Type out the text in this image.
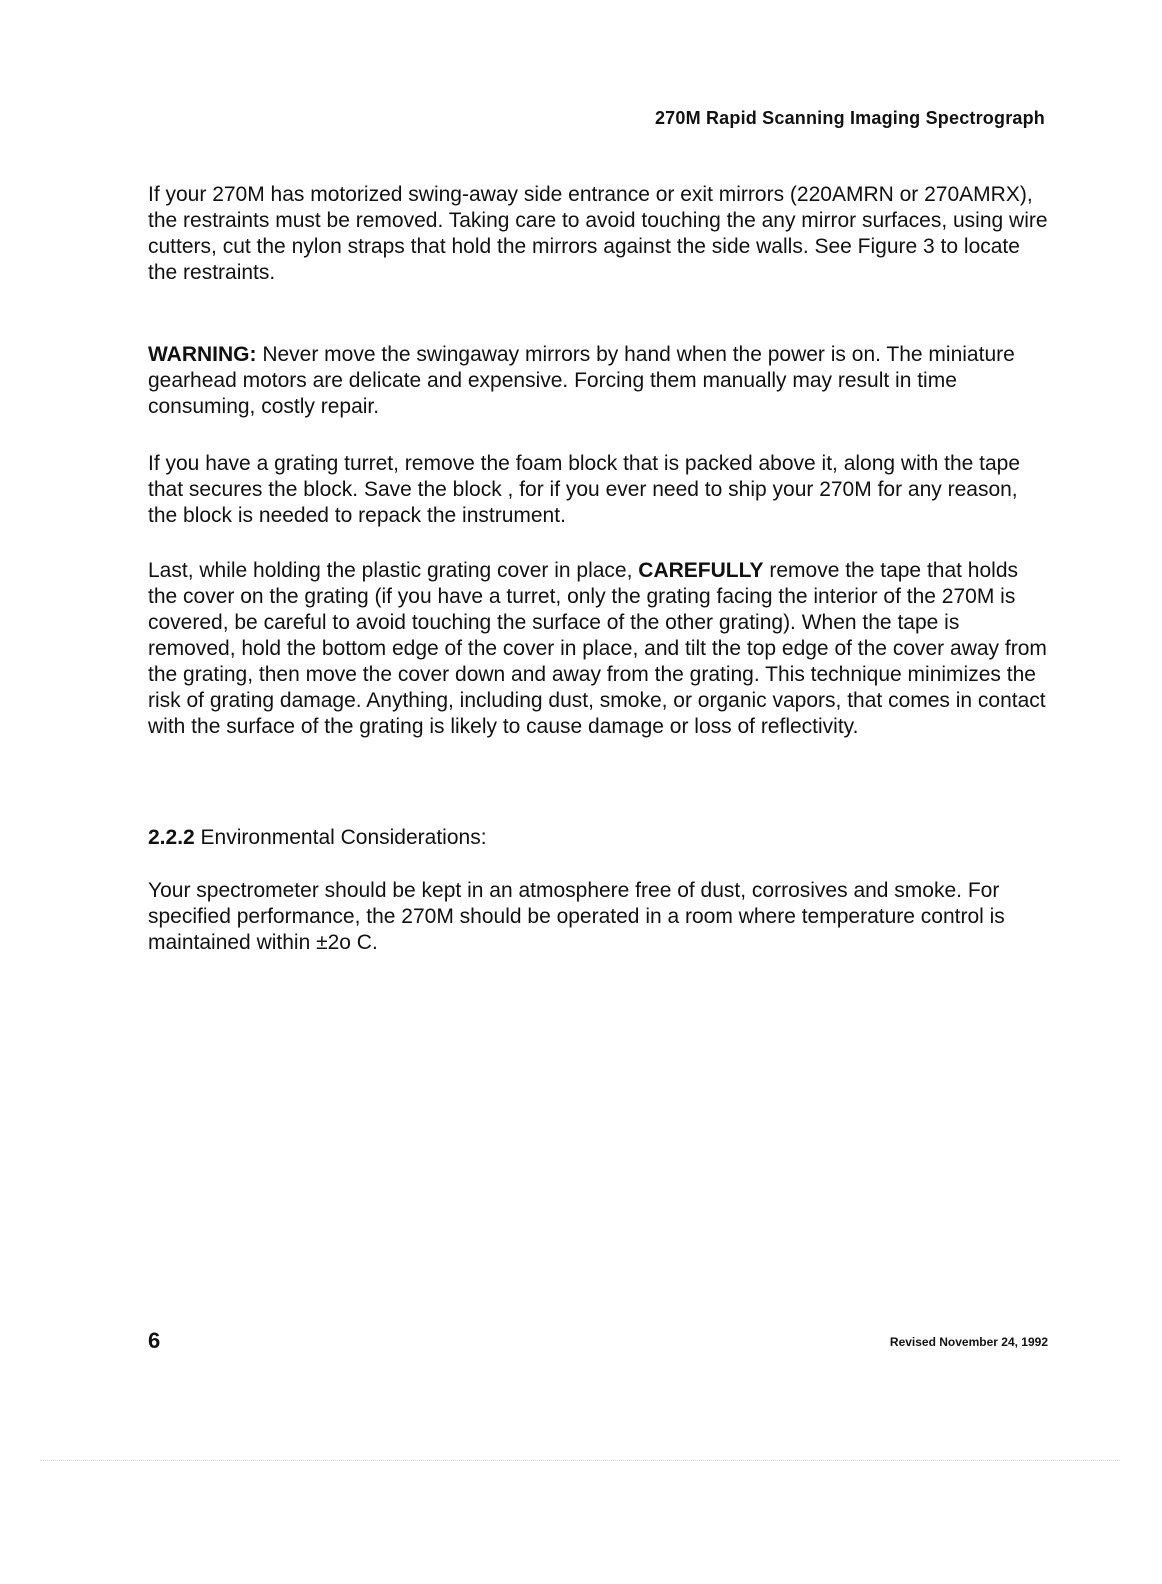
270M Rapid Scanning Imaging Spectrograph

If your 270M has motorized swing-away side entrance or exit mirrors (220AMRN or 270AMRX), the restraints must be removed. Taking care to avoid touching the any mirror surfaces, using wire cutters, cut the nylon straps that hold the mirrors against the side walls. See Figure 3 to locate the restraints.

WARNING: Never move the swingaway mirrors by hand when the power is on. The miniature gearhead motors are delicate and expensive. Forcing them manually may result in time consuming, costly repair.

If you have a grating turret, remove the foam block that is packed above it, along with the tape that secures the block. Save the block , for if you ever need to ship your 270M for any reason, the block is needed to repack the instrument.

Last, while holding the plastic grating cover in place, CAREFULLY remove the tape that holds the cover on the grating (if you have a turret, only the grating facing the interior of the 270M is covered, be careful to avoid touching the surface of the other grating). When the tape is removed, hold the bottom edge of the cover in place, and tilt the top edge of the cover away from the grating, then move the cover down and away from the grating. This technique minimizes the risk of grating damage. Anything, including dust, smoke, or organic vapors, that comes in contact with the surface of the grating is likely to cause damage or loss of reflectivity.

2.2.2 Environmental Considerations:

Your spectrometer should be kept in an atmosphere free of dust, corrosives and smoke. For specified performance, the 270M should be operated in a room where temperature control is maintained within ±2o C.

6	Revised November 24, 1992
